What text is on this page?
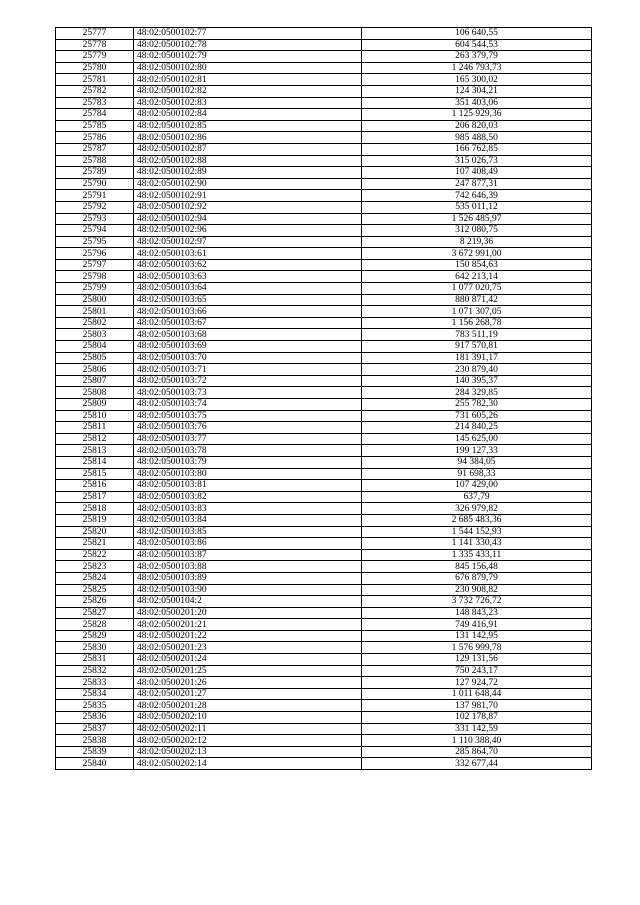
25777	48:02:0500102:77	106 640,55
25778	48:02:0500102:78	604 544,53
25779	48:02:0500102:79	263 379,79
25780	48:02:0500102:80	1 246 793,73
25781	48:02:0500102:81	165 300,02
25782	48:02:0500102:82	124 304,21
25783	48:02:0500102:83	351 403,06
25784	48:02:0500102:84	1 125 929,36
25785	48:02:0500102:85	206 820,03
25786	48:02:0500102:86	985 488,50
25787	48:02:0500102:87	166 762,85
25788	48:02:0500102:88	315 026,73
25789	48:02:0500102:89	107 408,49
25790	48:02:0500102:90	247 877,31
25791	48:02:0500102:91	742 646,39
25792	48:02:0500102:92	535 011,12
25793	48:02:0500102:94	1 526 485,97
25794	48:02:0500102:96	312 080,75
25795	48:02:0500102:97	8 219,36
25796	48:02:0500103:61	3 672 991,00
25797	48:02:0500103:62	150 854,63
25798	48:02:0500103:63	642 213,14
25799	48:02:0500103:64	1 077 020,75
25800	48:02:0500103:65	880 871,42
25801	48:02:0500103:66	1 071 307,05
25802	48:02:0500103:67	1 156 268,78
25803	48:02:0500103:68	783 511,19
25804	48:02:0500103:69	917 570,81
25805	48:02:0500103:70	181 391,17
25806	48:02:0500103:71	230 879,40
25807	48:02:0500103:72	140 395,37
25808	48:02:0500103:73	284 329,85
25809	48:02:0500103:74	255 782,30
25810	48:02:0500103:75	731 605,26
25811	48:02:0500103:76	214 840,25
25812	48:02:0500103:77	145 625,00
25813	48:02:0500103:78	199 127,33
25814	48:02:0500103:79	94 384,05
25815	48:02:0500103:80	91 698,33
25816	48:02:0500103:81	107 429,00
25817	48:02:0500103:82	637,79
25818	48:02:0500103:83	326 979,82
25819	48:02:0500103:84	2 685 483,36
25820	48:02:0500103:85	1 544 152,93
25821	48:02:0500103:86	1 141 330,43
25822	48:02:0500103:87	1 335 433,11
25823	48:02:0500103:88	845 156,48
25824	48:02:0500103:89	676 879,79
25825	48:02:0500103:90	230 908,82
25826	48:02:0500104:2	3 732 726,72
25827	48:02:0500201:20	148 843,23
25828	48:02:0500201:21	749 416,91
25829	48:02:0500201:22	131 142,95
25830	48:02:0500201:23	1 576 999,78
25831	48:02:0500201:24	129 131,56
25832	48:02:0500201:25	750 243,17
25833	48:02:0500201:26	127 924,72
25834	48:02:0500201:27	1 011 648,44
25835	48:02:0500201:28	137 981,70
25836	48:02:0500202:10	102 178,87
25837	48:02:0500202:11	331 142,59
25838	48:02:0500202:12	1 110 388,40
25839	48:02:0500202:13	285 864,70
25840	48:02:0500202:14	332 677,44
